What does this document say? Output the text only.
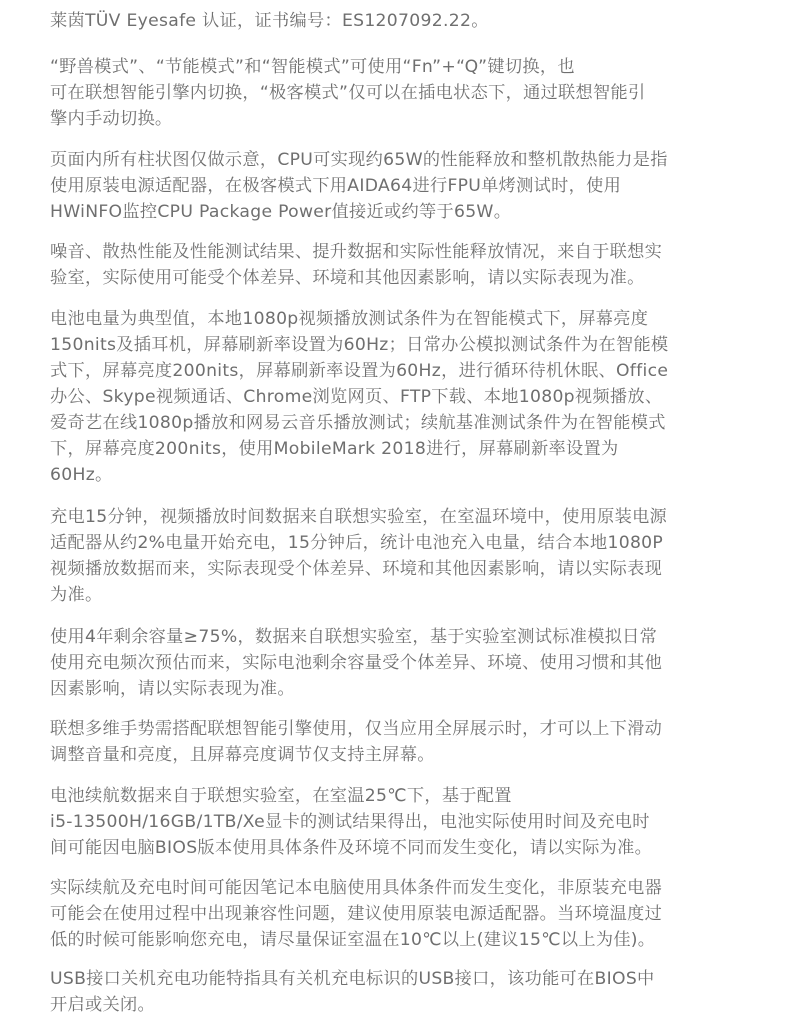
莱茵TÜV Eyesafe 认证，证书编号：ES1207092.22。

“野兽模式”、“节能模式”和“智能模式”可使用“Fn”+“Q”键切换，也
可在联想智能引擎内切换，“极客模式”仅可以在插电状态下，通过联想智能引
擎内手动切换。

页面内所有柱状图仅做示意，CPU可实现约65W的性能释放和整机散热能力是指
使用原装电源适配器，在极客模式下用AIDA64进行FPU单烤测试时，使用
HWiNFO监控CPU Package Power值接近或约等于65W。

噪音、散热性能及性能测试结果、提升数据和实际性能释放情况，来自于联想实
验室，实际使用可能受个体差异、环境和其他因素影响，请以实际表现为准。

电池电量为典型值，本地1080p视频播放测试条件为在智能模式下，屏幕亮度
150nits及插耳机，屏幕刷新率设置为60Hz；日常办公模拟测试条件为在智能模
式下，屏幕亮度200nits，屏幕刷新率设置为60Hz，进行循环待机休眠、Office
办公、Skype视频通话、Chrome浏览网页、FTP下载、本地1080p视频播放、
爱奇艺在线1080p播放和网易云音乐播放测试；续航基准测试条件为在智能模式
下，屏幕亮度200nits，使用MobileMark 2018进行，屏幕刷新率设置为
60Hz。

充电15分钟，视频播放时间数据来自联想实验室，在室温环境中，使用原装电源
适配器从约2%电量开始充电，15分钟后，统计电池充入电量，结合本地1080P
视频播放数据而来，实际表现受个体差异、环境和其他因素影响，请以实际表现
为准。

使用4年剩余容量≥75%，数据来自联想实验室，基于实验室测试标准模拟日常
使用充电频次预估而来，实际电池剩余容量受个体差异、环境、使用习惯和其他
因素影响，请以实际表现为准。

联想多维手势需搭配联想智能引擎使用，仅当应用全屏展示时，才可以上下滑动
调整音量和亮度，且屏幕亮度调节仅支持主屏幕。

电池续航数据来自于联想实验室，在室温25℃下，基于配置
i5-13500H/16GB/1TB/Xe显卡的测试结果得出，电池实际使用时间及充电时
间可能因电脑BIOS版本使用具体条件及环境不同而发生变化，请以实际为准。

实际续航及充电时间可能因笔记本电脑使用具体条件而发生变化，非原装充电器
可能会在使用过程中出现兼容性问题，建议使用原装电源适配器。当环境温度过
低的时候可能影响您充电，请尽量保证室温在10℃以上(建议15℃以上为佳)。

USB接口关机充电功能特指具有关机充电标识的USB接口，该功能可在BIOS中
开启或关闭。
